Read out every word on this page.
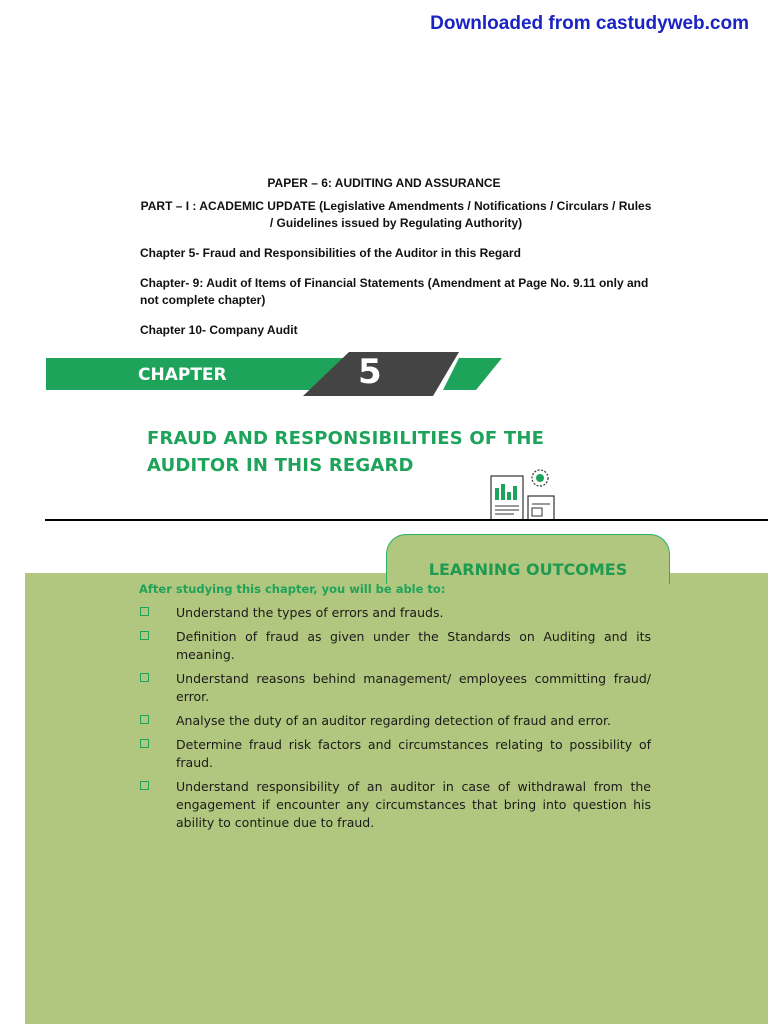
Downloaded from castudyweb.com
PAPER – 6: AUDITING AND ASSURANCE
PART – I : ACADEMIC UPDATE (Legislative Amendments / Notifications / Circulars / Rules / Guidelines issued by Regulating Authority)
Chapter 5- Fraud and Responsibilities of the Auditor in this Regard
Chapter- 9: Audit of Items of Financial Statements (Amendment at Page No. 9.11 only and not complete chapter)
Chapter 10- Company Audit
CHAPTER	5
FRAUD AND RESPONSIBILITIES OF THE
AUDITOR IN THIS REGARD
LEARNING OUTCOMES
After studying this chapter, you will be able to:
Understand the types of errors and frauds.
Definition of fraud as given under the Standards on Auditing and its meaning.
Understand reasons behind management/ employees committing fraud/ error.
Analyse the duty of an auditor regarding detection of fraud and error.
Determine fraud risk factors and circumstances relating to possibility of fraud.
Understand responsibility of an auditor in case of withdrawal from the engagement if encounter any circumstances that bring into question his ability to continue due to fraud.
